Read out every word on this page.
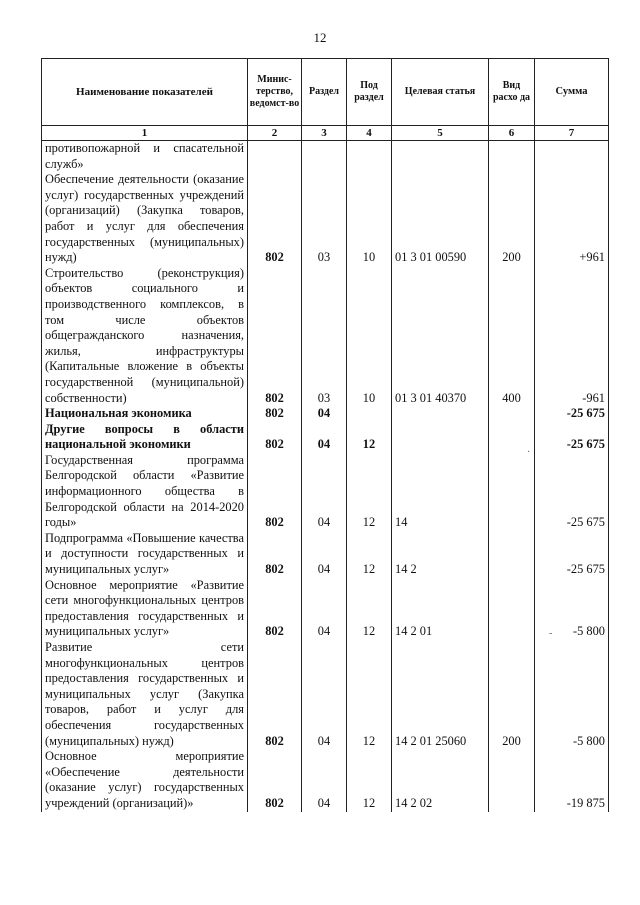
12
Наименование показателей	Минис-терство, ведомст-во	Раздел	Под раздел	Целевая статья	Вид расхо да	Сумма
1	2	3	4	5	6	7
противопожарной и спасательной служб»						
Обеспечение деятельности (оказание услуг) государственных учреждений (организаций) (Закупка товаров, работ и услуг для обеспечения государственных (муниципальных) нужд)	802	03	10	01 3 01 00590	200	+961
Строительство (реконструкция) объектов социального и производственного комплексов, в том числе объектов общегражданского назначения, жилья, инфраструктуры (Капитальные вложение в объекты государственной (муниципальной) собственности)	802	03	10	01 3 01 40370	400	-961
Национальная экономика	802	04				-25 675
Другие вопросы в области национальной экономики	802	04	12			-25 675
Государственная программа Белгородской области «Развитие информационного общества в Белгородской области на 2014-2020 годы»	802	04	12	14		-25 675
Подпрограмма «Повышение качества и доступности государственных и муниципальных услуг»	802	04	12	14 2		-25 675
Основное мероприятие «Развитие сети многофункциональных центров предоставления государственных и муниципальных услуг»	802	04	12	14 2 01		-5 800
Развитие сети многофункциональных центров предоставления государственных и муниципальных услуг (Закупка товаров, работ и услуг для обеспечения государственных (муниципальных) нужд)	802	04	12	14 2 01 25060	200	-5 800
Основное мероприятие «Обеспечение деятельности (оказание услуг) государственных учреждений (организаций)»	802	04	12	14 2 02		-19 875
·
-
